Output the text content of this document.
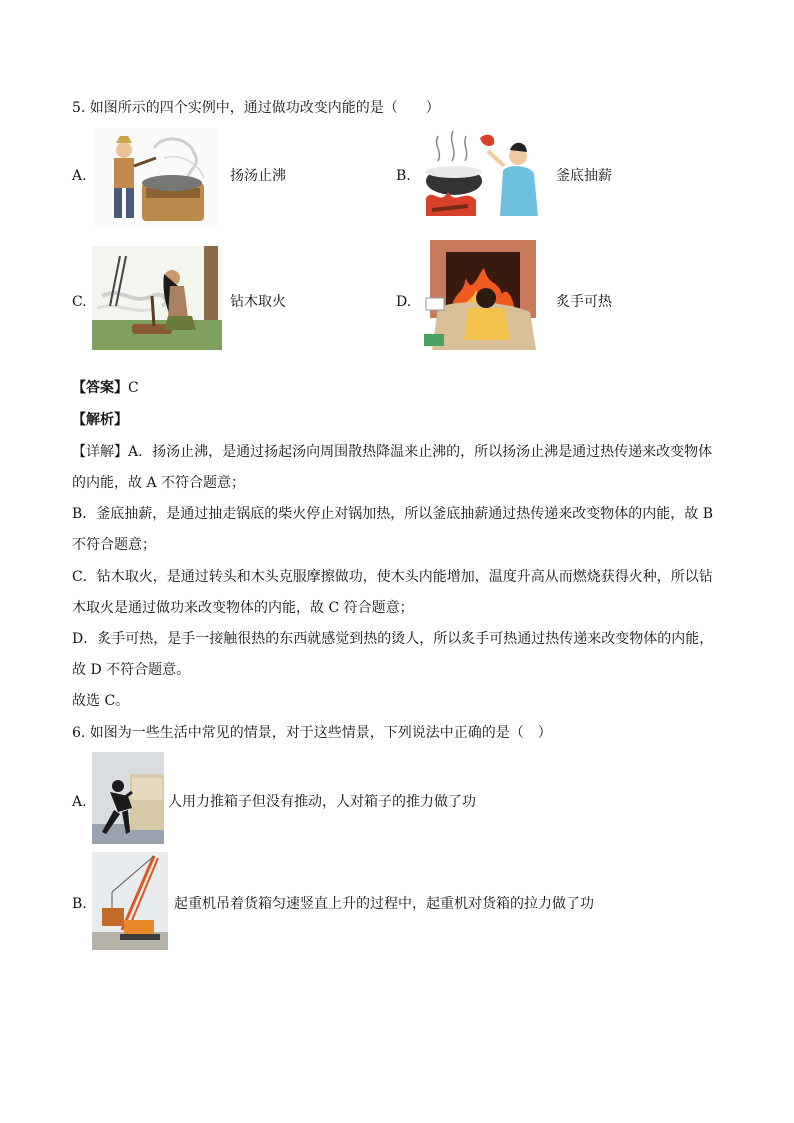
5. 如图所示的四个实例中，通过做功改变内能的是（　　）
A.	扬汤止沸	B.	釜底抽薪
C.	钻木取火	D.	炙手可热
【答案】C
【解析】
【详解】A．扬汤止沸，是通过扬起汤向周围散热降温来止沸的，所以扬汤止沸是通过热传递来改变物体
的内能，故 A 不符合题意；
B．釜底抽薪，是通过抽走锅底的柴火停止对锅加热，所以釜底抽薪通过热传递来改变物体的内能，故 B
不符合题意；
C．钻木取火，是通过转头和木头克服摩擦做功，使木头内能增加，温度升高从而燃烧获得火种，所以钻
木取火是通过做功来改变物体的内能，故 C 符合题意；
D．炙手可热，是手一接触很热的东西就感觉到热的烫人，所以炙手可热通过热传递来改变物体的内能，
故 D 不符合题意。
故选 C。
6. 如图为一些生活中常见的情景，对于这些情景，下列说法中正确的是（　）
A.	人用力推箱子但没有推动，人对箱子的推力做了功
B.	起重机吊着货箱匀速竖直上升的过程中，起重机对货箱的拉力做了功
